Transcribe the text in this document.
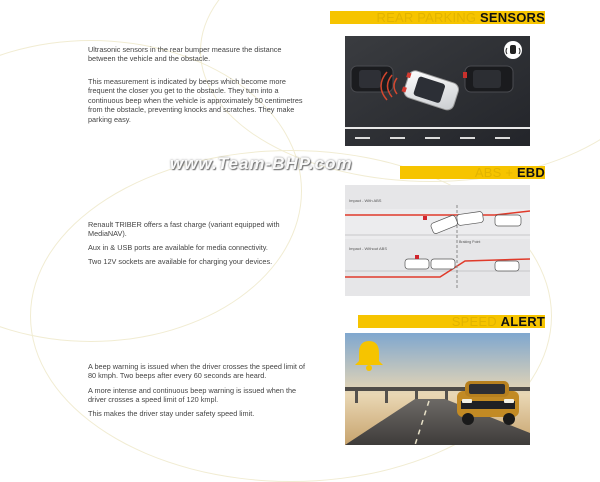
REAR PARKING SENSORS

Ultrasonic sensors in the rear bumper measure the distance between the vehicle and the obstacle.

This measurement is indicated by beeps which become more frequent the closer you get to the obstacle. They turn into a continuous beep when the vehicle is approximately 50 centimetres from the obstacle, preventing knocks and scratches. They make parking easy.

ABS + EBD
Impact - With ABS
Impact - Without ABS
Braking Point

Renault TRIBER offers a fast charge (variant equipped with MediaNAV).

Aux in & USB ports are available for media connectivity.

Two 12V sockets are available for charging your devices.

SPEED ALERT

A beep warning is issued when the driver crosses the speed limit of 80 kmph. Two beeps after every 60 seconds are heard.

A more intense and continuous beep warning is issued when the driver crosses a speed limit of 120 kmpl.

This makes the driver stay under safety speed limit.

www.Team-BHP.com
